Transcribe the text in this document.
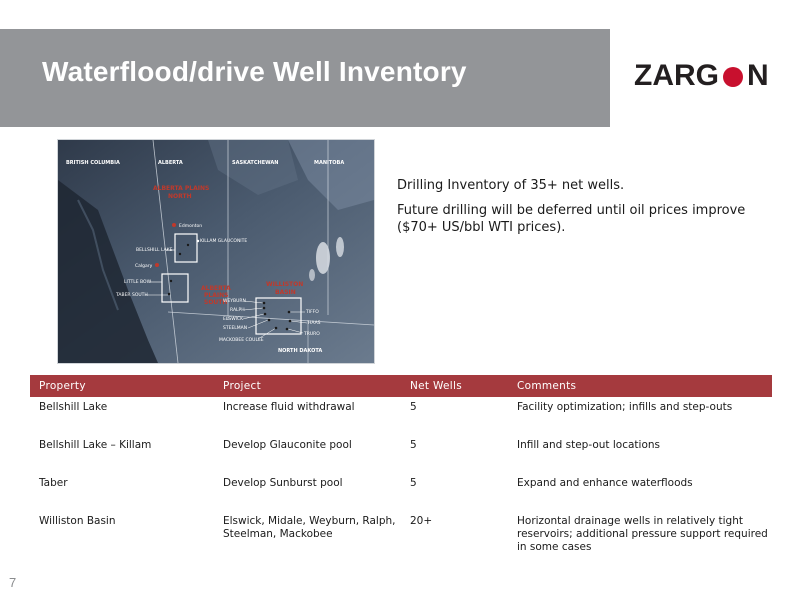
Waterflood/drive Well Inventory	ZARG N
BRITISH COLUMBIA	ALBERTA	SASKATCHEWAN	MANITOBA
ALBERTA PLAINS
NORTH
Edmonton
BELLSHILL LAKE
KILLAM GLAUCONITE
Calgary
LITTLE BOW
TABER SOUTH
ALBERTA
PLAINS
SOUTH
WILLISTON
BASIN
WEYBURN
RALPH
ELSWICK
STEELMAN
MACKOBEE COULEE
TIFFO
HAAS
TRURO
NORTH DAKOTA

Drilling Inventory of 35+ net wells.

Future drilling will be deferred until oil prices improve ($70+ US/bbl WTI prices).

Property	Project	Net Wells	Comments
Bellshill Lake	Increase fluid withdrawal	5	Facility optimization; infills and step-outs
Bellshill Lake – Killam	Develop Glauconite pool	5	Infill and step-out locations
Taber	Develop Sunburst pool	5	Expand and enhance waterfloods
Williston Basin	Elswick, Midale, Weyburn, Ralph, Steelman, Mackobee	20+	Horizontal drainage wells in relatively tight reservoirs; additional pressure support required in some cases
7
